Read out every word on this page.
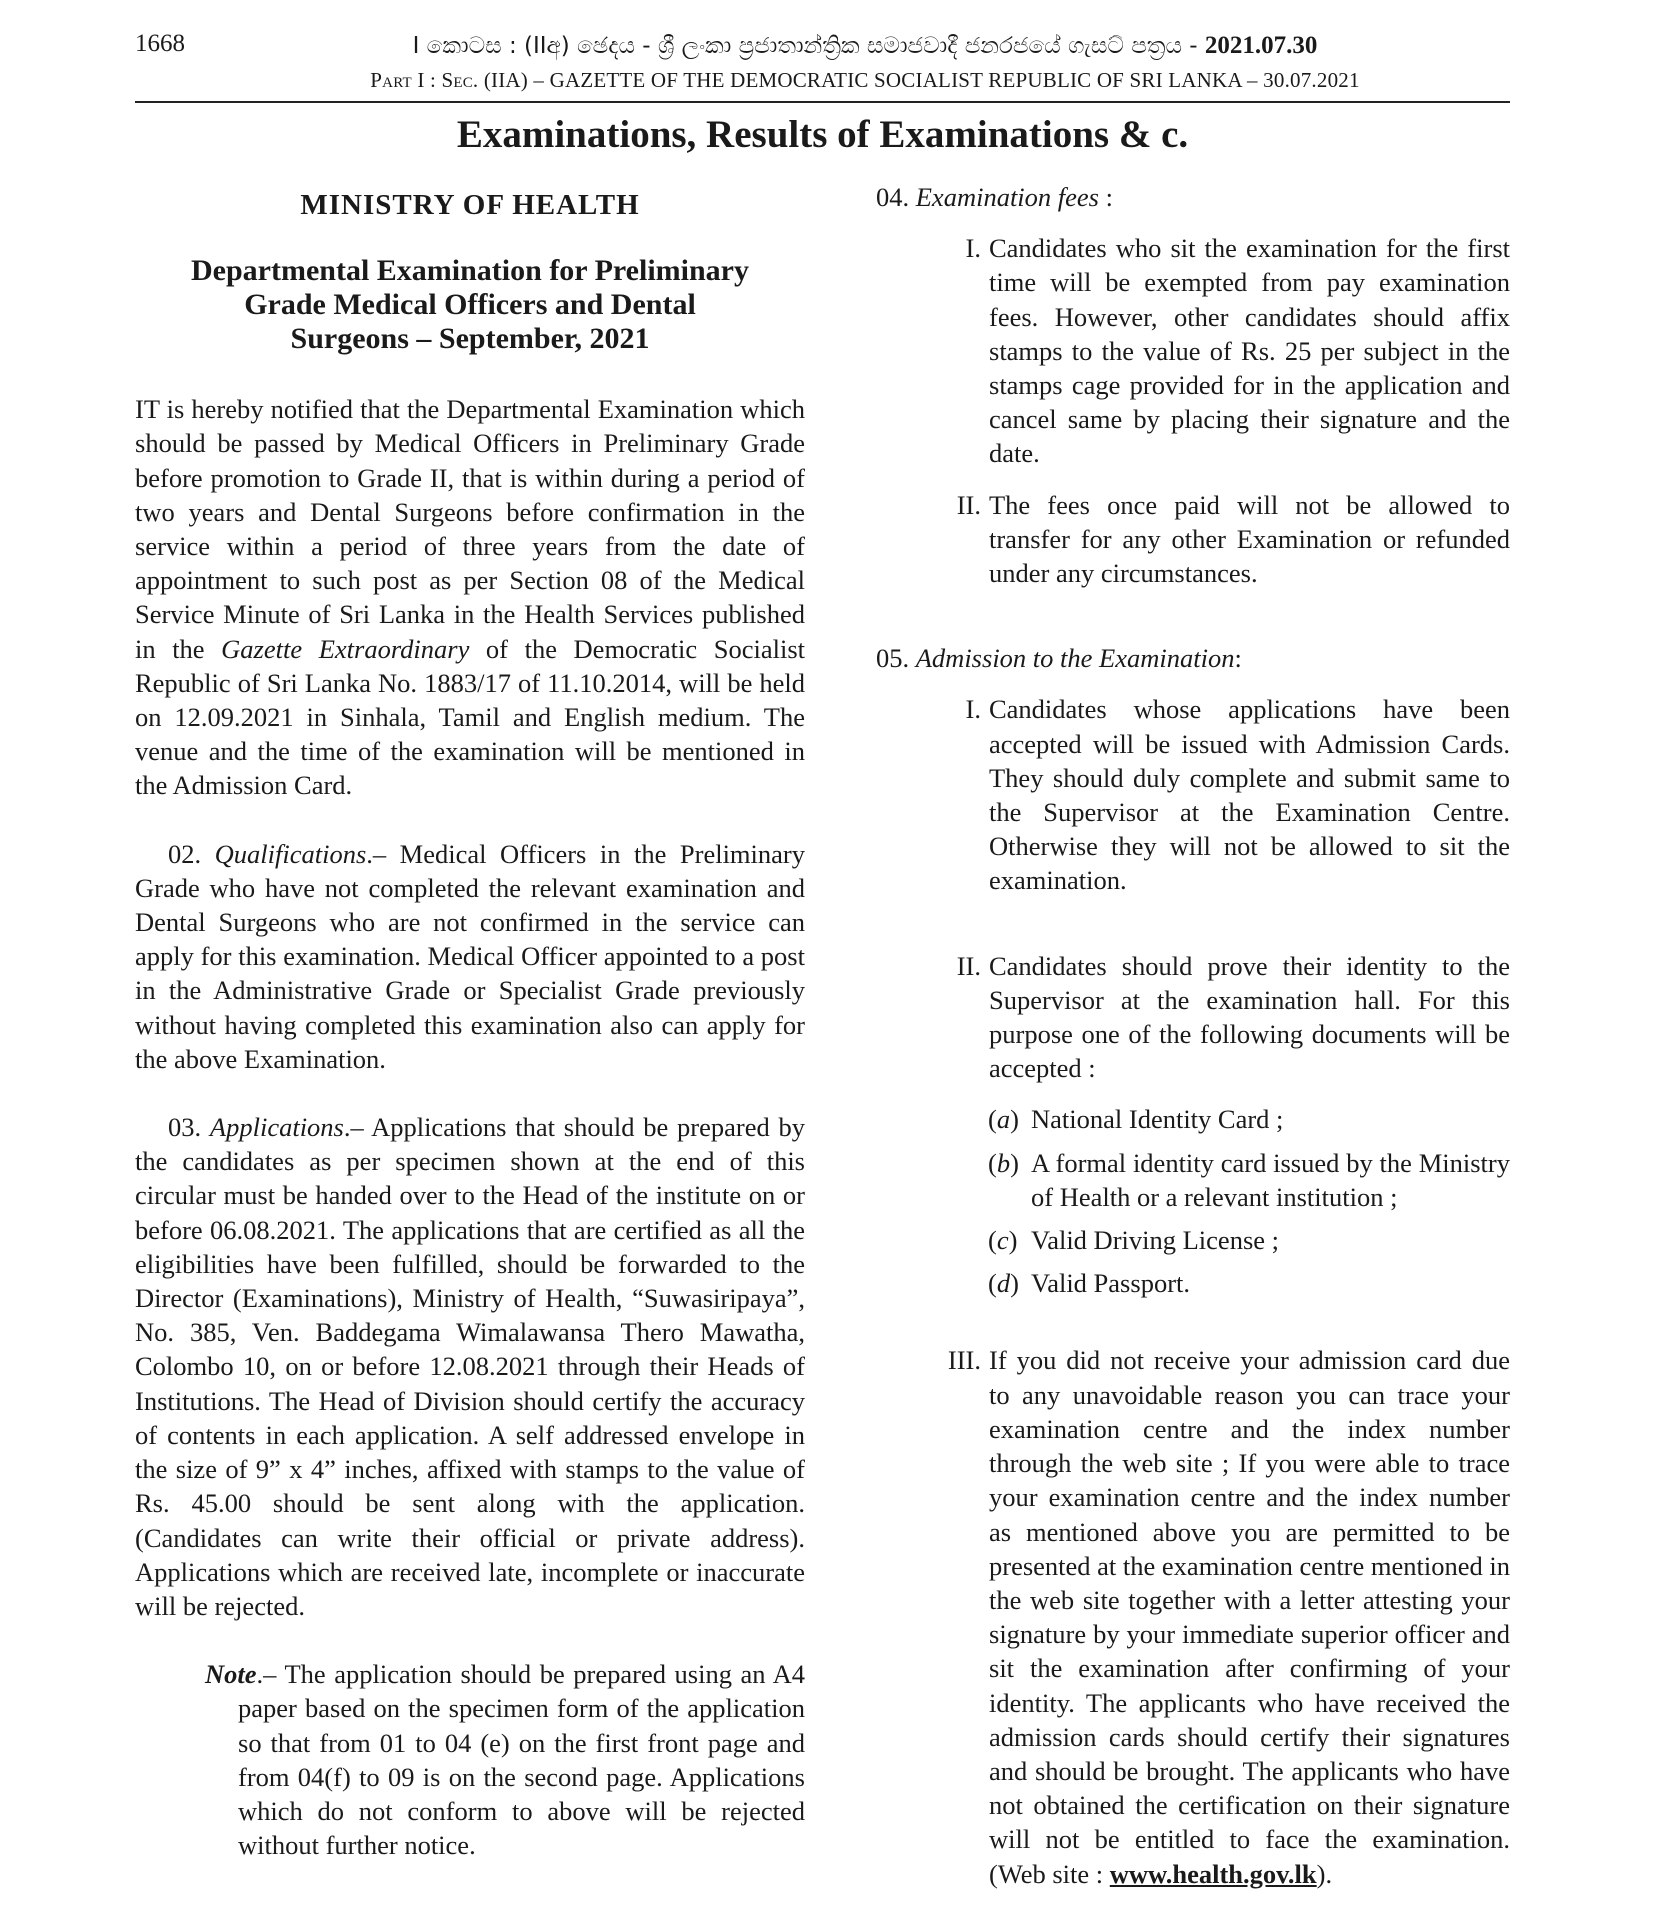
1668	I කොටස : (IIඅ) ඡෙදය - ශ්‍රී ලංකා ප්‍රජාතාන්ත්‍රික සමාජවාදී ජනරජයේ ගැසට් පත්‍රය - 2021.07.30
Part I : Sec. (IIA) – GAZETTE OF THE DEMOCRATIC SOCIALIST REPUBLIC OF SRI LANKA – 30.07.2021
Examinations, Results of Examinations & c.
MINISTRY OF HEALTH
Departmental Examination for Preliminary
Grade Medical Officers and Dental
Surgeons – September, 2021

IT is hereby notified that the Departmental Examination which should be passed by Medical Officers in Preliminary Grade before promotion to Grade II, that is within during a period of two years and Dental Surgeons before confirmation in the service within a period of three years from the date of appointment to such post as per Section 08 of the Medical Service Minute of Sri Lanka in the Health Services published in the Gazette Extraordinary of the Democratic Socialist Republic of Sri Lanka No. 1883/17 of 11.10.2014, will be held on 12.09.2021 in Sinhala, Tamil and English medium. The venue and the time of the examination will be mentioned in the Admission Card.

02. Qualifications.– Medical Officers in the Preliminary Grade who have not completed the relevant examination and Dental Surgeons who are not confirmed in the service can apply for this examination. Medical Officer appointed to a post in the Administrative Grade or Specialist Grade previously without having completed this examination also can apply for the above Examination.

03. Applications.– Applications that should be prepared by the candidates as per specimen shown at the end of this circular must be handed over to the Head of the institute on or before 06.08.2021. The applications that are certified as all the eligibilities have been fulfilled, should be forwarded to the Director (Examinations), Ministry of Health, “Suwasiripaya”, No. 385, Ven. Baddegama Wimalawansa Thero Mawatha, Colombo 10, on or before 12.08.2021 through their Heads of Institutions. The Head of Division should certify the accuracy of contents in each application. A self addressed envelope in the size of 9” x 4” inches, affixed with stamps to the value of Rs. 45.00 should be sent along with the application. (Candidates can write their official or private address). Applications which are received late, incomplete or inaccurate will be rejected.

Note.– The application should be prepared using an A4 paper based on the specimen form of the application so that from 01 to 04 (e) on the first front page and from 04(f) to 09 is on the second page. Applications which do not conform to above will be rejected without further notice.

04. Examination fees :

I. Candidates who sit the examination for the first time will be exempted from pay examination fees. However, other candidates should affix stamps to the value of Rs. 25 per subject in the stamps cage provided for in the application and cancel same by placing their signature and the date.
II. The fees once paid will not be allowed to transfer for any other Examination or refunded under any circumstances.

05. Admission to the Examination:

I. Candidates whose applications have been accepted will be issued with Admission Cards. They should duly complete and submit same to the Supervisor at the Examination Centre. Otherwise they will not be allowed to sit the examination.
II. Candidates should prove their identity to the Supervisor at the examination hall. For this purpose one of the following documents will be accepted :
(a) National Identity Card ;
(b) A formal identity card issued by the Ministry of Health or a relevant institution ;
(c) Valid Driving License ;
(d) Valid Passport.
III. If you did not receive your admission card due to any unavoidable reason you can trace your examination centre and the index number through the web site ; If you were able to trace your examination centre and the index number as mentioned above you are permitted to be presented at the examination centre mentioned in the web site together with a letter attesting your signature by your immediate superior officer and sit the examination after confirming of your identity. The applicants who have received the admission cards should certify their signatures and should be brought. The applicants who have not obtained the certification on their signature will not be entitled to face the examination. (Web site : www.health.gov.lk).
